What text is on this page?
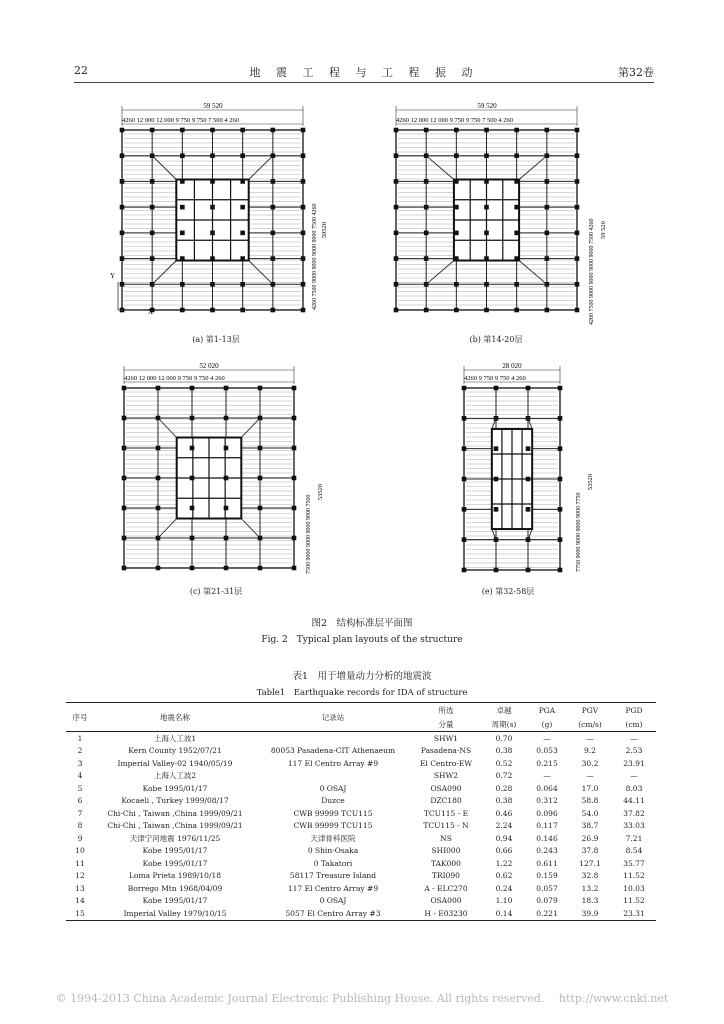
22	地 震 工 程 与 工 程 振 动	第32卷
59 520
4260 12 000 12 000 9 750 9 750 7 500 4 260
59520
4260 7500 9000 9000 9000 9000 7500 4260
Y
X
(a) 第1-13层
59 520
4260 12 000 12 000 9 750 9 750 7 500 4 260
59 520
4260 7500 9000 9000 9000 9000 7500 4260
(b) 第14-20层
52 020
4260 12 000 12 000 9 750 9 750 4 260
53520
7500 9000 9000 9000 9000 7500
(c) 第21-31层
28 020
4260 9 750 9 750 4 260
53520
7750 9000 9000 9000 9000 7750
(e) 第32-58层
图2　结构标准层平面图
Fig. 2　Typical plan layouts of the structure
表1　用于增量动力分析的地震波
Table1　Earthquake records for IDA of structure
序号	地震名称	记录站	所选	卓越	PGA	PGV	PGD
			分量	周期(s)	(g)	(cm/s)	(cm)
1	上海人工波1		SHW1	0.70	—	—	—
2	Kern County 1952/07/21	80053 Pasadena-CIT Athenaeum	Pasadena-NS	0.38	0.053	9.2	2.53
3	Imperial Valley-02 1940/05/19	117 El Centro Array #9	El Centro-EW	0.52	0.215	30.2	23.91
4	上海人工波2		SHW2	0.72	—	—	—
5	Kobe 1995/01/17	0 OSAJ	OSA090	0.28	0.064	17.0	8.03
6	Kocaeli , Turkey 1999/08/17	Duzce	DZC180	0.38	0.312	58.8	44.11
7	Chi-Chi , Taiwan ,China 1999/09/21	CWB 99999 TCU115	TCU115 - E	0.46	0.096	54.0	37.82
8	Chi-Chi , Taiwan ,China 1999/09/21	CWB 99999 TCU115	TCU115 - N	2.24	0.117	38.7	33.03
9	天津宁河地震 1976/11/25	天津骨科医院	NS	0.94	0.146	26.9	7.21
10	Kobe 1995/01/17	0 Shin-Osaka	SHI000	0.66	0.243	37.8	8.54
11	Kobe 1995/01/17	0 Takatori	TAK000	1.22	0.611	127.1	35.77
12	Loma Prieta 1989/10/18	58117 Treasure Island	TRI090	0.62	0.159	32.8	11.52
13	Borrego Mtn 1968/04/09	117 El Centro Array #9	A - ELC270	0.24	0.057	13.2	10.03
14	Kobe 1995/01/17	0 OSAJ	OSA000	1.10	0.079	18.3	11.52
15	Imperial Valley 1979/10/15	5057 El Centro Array #3	H - E03230	0.14	0.221	39.9	23.31
© 1994-2013 China Academic Journal Electronic Publishing House. All rights reserved.　 http://www.cnki.net
